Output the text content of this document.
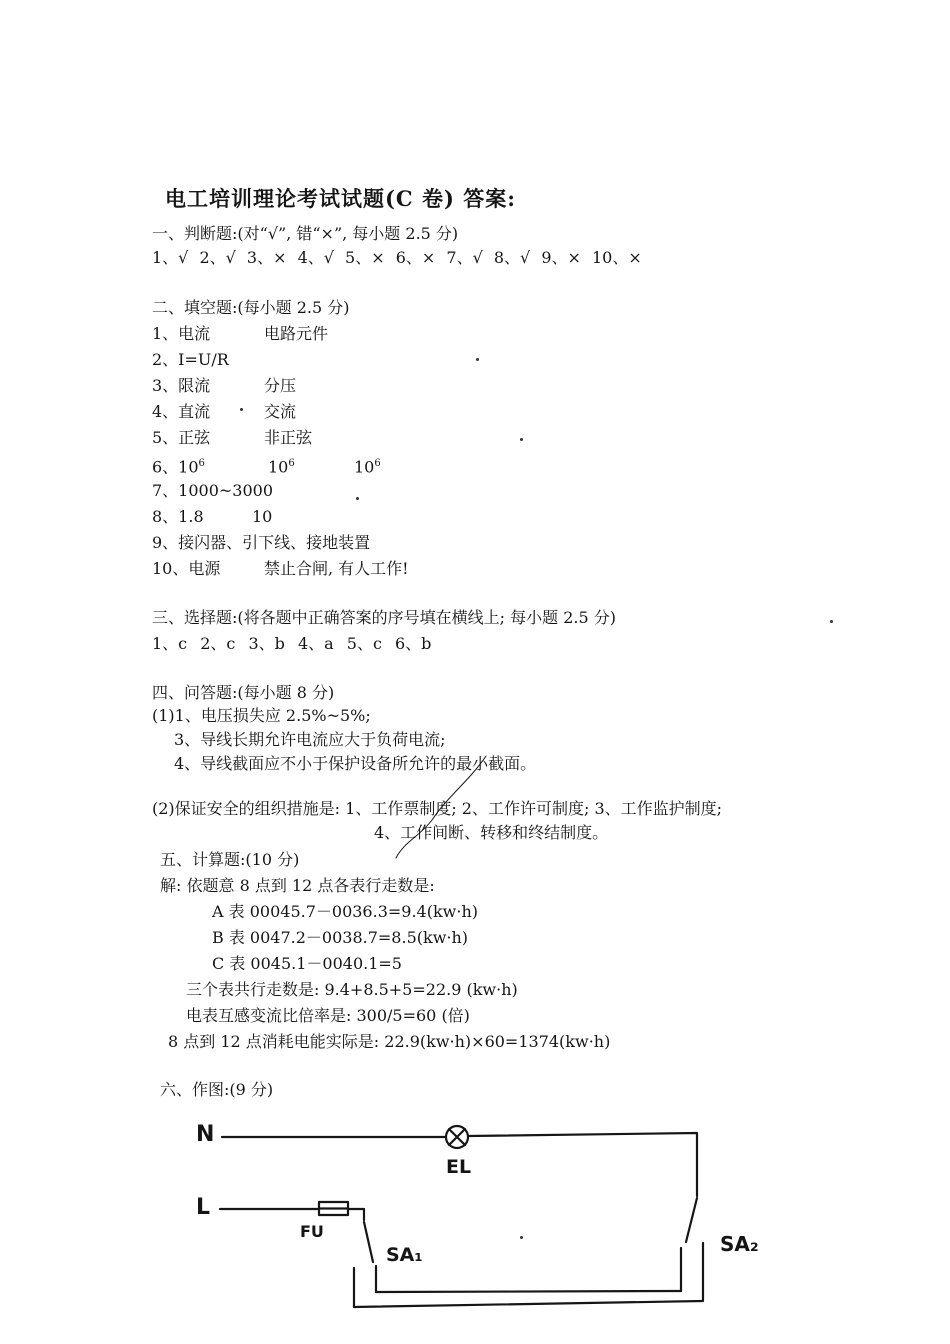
电工培训理论考试试题(C 卷) 答案:
一、判断题:(对“√”, 错“×”, 每小题 2.5 分)
1、√ 2、√ 3、× 4、√ 5、× 6、× 7、√ 8、√ 9、× 10、×
二、填空题:(每小题 2.5 分)
1、电流	电路元件
2、I=U/R
3、限流	分压
4、直流	交流
5、正弦	非正弦
6、$10^6$	$10^6$	$10^6$
7、1000~3000
8、1.8	10
9、接闪器、引下线、接地装置
10、电源	禁止合闸, 有人工作!
三、选择题:(将各题中正确答案的序号填在横线上; 每小题 2.5 分)
1、c 2、c 3、b 4、a 5、c 6、b
四、问答题:(每小题 8 分)
(1)1、电压损失应 2.5%~5%;
3、导线长期允许电流应大于负荷电流;
4、导线截面应不小于保护设备所允许的最小截面。
(2)保证安全的组织措施是: 1、工作票制度; 2、工作许可制度; 3、工作监护制度;
4、工作间断、转移和终结制度。
五、计算题:(10 分)
解: 依题意 8 点到 12 点各表行走数是:
A 表 00045.7－0036.3=9.4(kw·h)
B 表 0047.2－0038.7=8.5(kw·h)
C 表 0045.1－0040.1=5
三个表共行走数是: 9.4+8.5+5=22.9 (kw·h)
电表互感变流比倍率是: 300/5=60 (倍)
8 点到 12 点消耗电能实际是: 22.9(kw·h)×60=1374(kw·h)
六、作图:(9 分)
N
L
EL
FU
SA₁	SA₂
